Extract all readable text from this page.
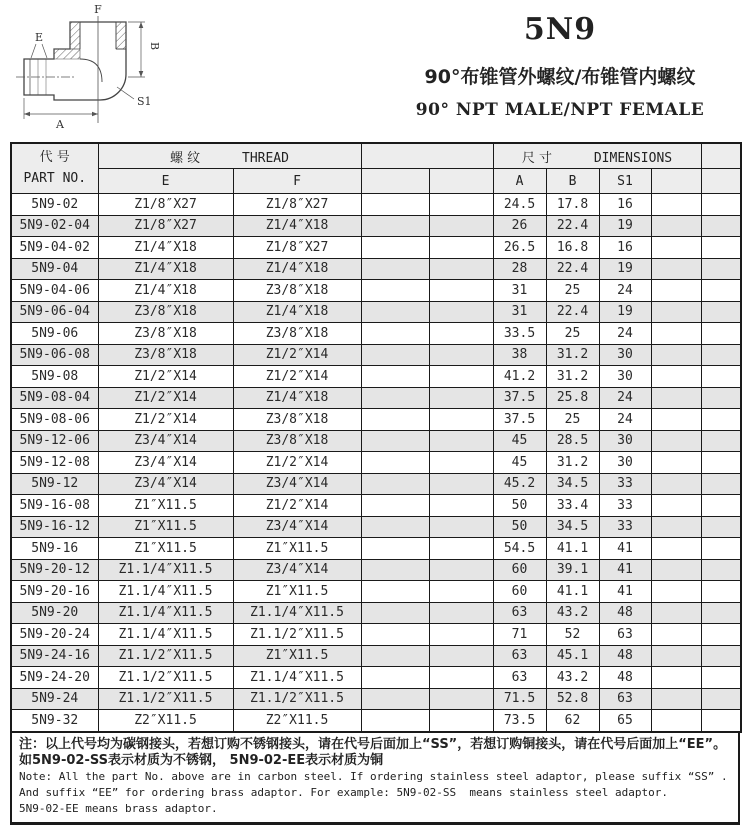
B
A
E
F
S1
5N9
90°布锥管外螺纹/布锥管内螺纹
90° NPT MALE/NPT FEMALE
代 号
PART NO.	螺 纹 THREAD				尺 寸 DIMENSIONS				
	E	F			A	B	S1		
5N9-02	Z1/8″X27	Z1/8″X27			24.5	17.8	16		
5N9-02-04	Z1/8″X27	Z1/4″X18			26	22.4	19		
5N9-04-02	Z1/4″X18	Z1/8″X27			26.5	16.8	16		
5N9-04	Z1/4″X18	Z1/4″X18			28	22.4	19		
5N9-04-06	Z1/4″X18	Z3/8″X18			31	25	24		
5N9-06-04	Z3/8″X18	Z1/4″X18			31	22.4	19		
5N9-06	Z3/8″X18	Z3/8″X18			33.5	25	24		
5N9-06-08	Z3/8″X18	Z1/2″X14			38	31.2	30		
5N9-08	Z1/2″X14	Z1/2″X14			41.2	31.2	30		
5N9-08-04	Z1/2″X14	Z1/4″X18			37.5	25.8	24		
5N9-08-06	Z1/2″X14	Z3/8″X18			37.5	25	24		
5N9-12-06	Z3/4″X14	Z3/8″X18			45	28.5	30		
5N9-12-08	Z3/4″X14	Z1/2″X14			45	31.2	30		
5N9-12	Z3/4″X14	Z3/4″X14			45.2	34.5	33		
5N9-16-08	Z1″X11.5	Z1/2″X14			50	33.4	33		
5N9-16-12	Z1″X11.5	Z3/4″X14			50	34.5	33		
5N9-16	Z1″X11.5	Z1″X11.5			54.5	41.1	41		
5N9-20-12	Z1.1/4″X11.5	Z3/4″X14			60	39.1	41		
5N9-20-16	Z1.1/4″X11.5	Z1″X11.5			60	41.1	41		
5N9-20	Z1.1/4″X11.5	Z1.1/4″X11.5			63	43.2	48		
5N9-20-24	Z1.1/4″X11.5	Z1.1/2″X11.5			71	52	63		
5N9-24-16	Z1.1/2″X11.5	Z1″X11.5			63	45.1	48		
5N9-24-20	Z1.1/2″X11.5	Z1.1/4″X11.5			63	43.2	48		
5N9-24	Z1.1/2″X11.5	Z1.1/2″X11.5			71.5	52.8	63		
5N9-32	Z2″X11.5	Z2″X11.5			73.5	62	65		
注：以上代号均为碳钢接头，若想订购不锈钢接头，请在代号后面加上“SS”，若想订购铜接头，请在代号后面加上“EE”。
如5N9-02-SS表示材质为不锈钢， 5N9-02-EE表示材质为铜
Note: All the part No. above are in carbon steel. If ordering stainless steel adaptor, please suffix “SS” .
And suffix “EE” for ordering brass adaptor. For example: 5N9-02-SS  means stainless steel adaptor.
5N9-02-EE means brass adaptor.
